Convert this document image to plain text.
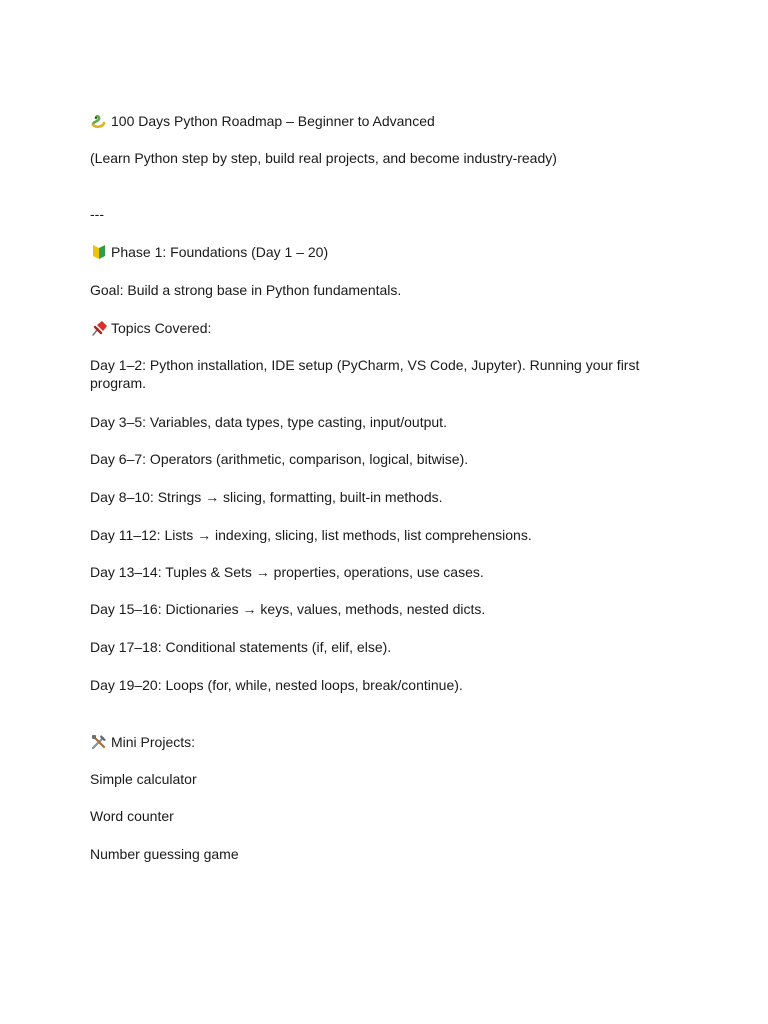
100 Days Python Roadmap – Beginner to Advanced

(Learn Python step by step, build real projects, and become industry-ready)

---

Phase 1: Foundations (Day 1 – 20)

Goal: Build a strong base in Python fundamentals.

Topics Covered:

Day 1–2: Python installation, IDE setup (PyCharm, VS Code, Jupyter). Running your first program.

Day 3–5: Variables, data types, type casting, input/output.

Day 6–7: Operators (arithmetic, comparison, logical, bitwise).

Day 8–10: Strings → slicing, formatting, built-in methods.

Day 11–12: Lists → indexing, slicing, list methods, list comprehensions.

Day 13–14: Tuples & Sets → properties, operations, use cases.

Day 15–16: Dictionaries → keys, values, methods, nested dicts.

Day 17–18: Conditional statements (if, elif, else).

Day 19–20: Loops (for, while, nested loops, break/continue).

Mini Projects:

Simple calculator

Word counter

Number guessing game
